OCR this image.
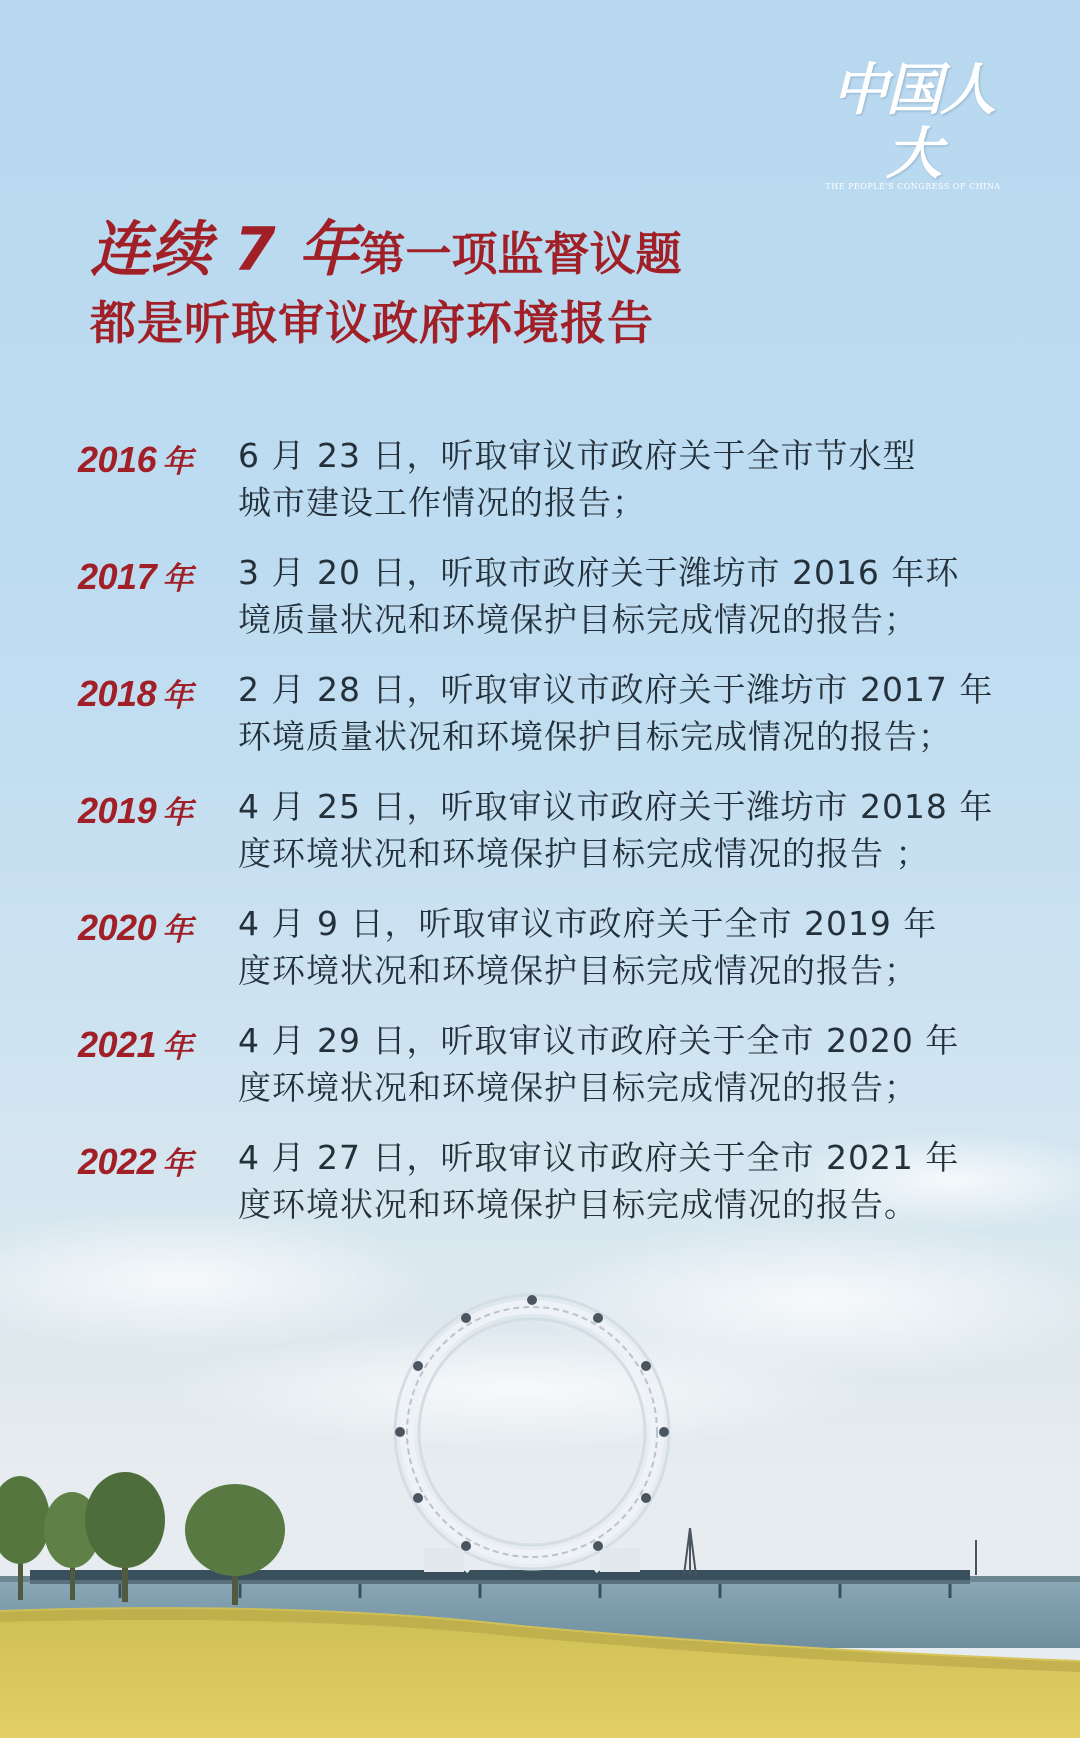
中国人大
THE PEOPLE'S CONGRESS OF CHINA
连续 7 年第一项监督议题
都是听取审议政府环境报告
2016 年	6 月 23 日，听取审议市政府关于全市节水型
城市建设工作情况的报告；
2017 年	3 月 20 日，听取市政府关于潍坊市 2016 年环
境质量状况和环境保护目标完成情况的报告；
2018 年	2 月 28 日，听取审议市政府关于潍坊市 2017 年
环境质量状况和环境保护目标完成情况的报告；
2019 年	4 月 25 日，听取审议市政府关于潍坊市 2018 年
度环境状况和环境保护目标完成情况的报告 ；
2020 年	4 月 9 日，听取审议市政府关于全市 2019 年
度环境状况和环境保护目标完成情况的报告；
2021 年	4 月 29 日，听取审议市政府关于全市 2020 年
度环境状况和环境保护目标完成情况的报告；
2022 年	4 月 27 日，听取审议市政府关于全市 2021 年
度环境状况和环境保护目标完成情况的报告。
